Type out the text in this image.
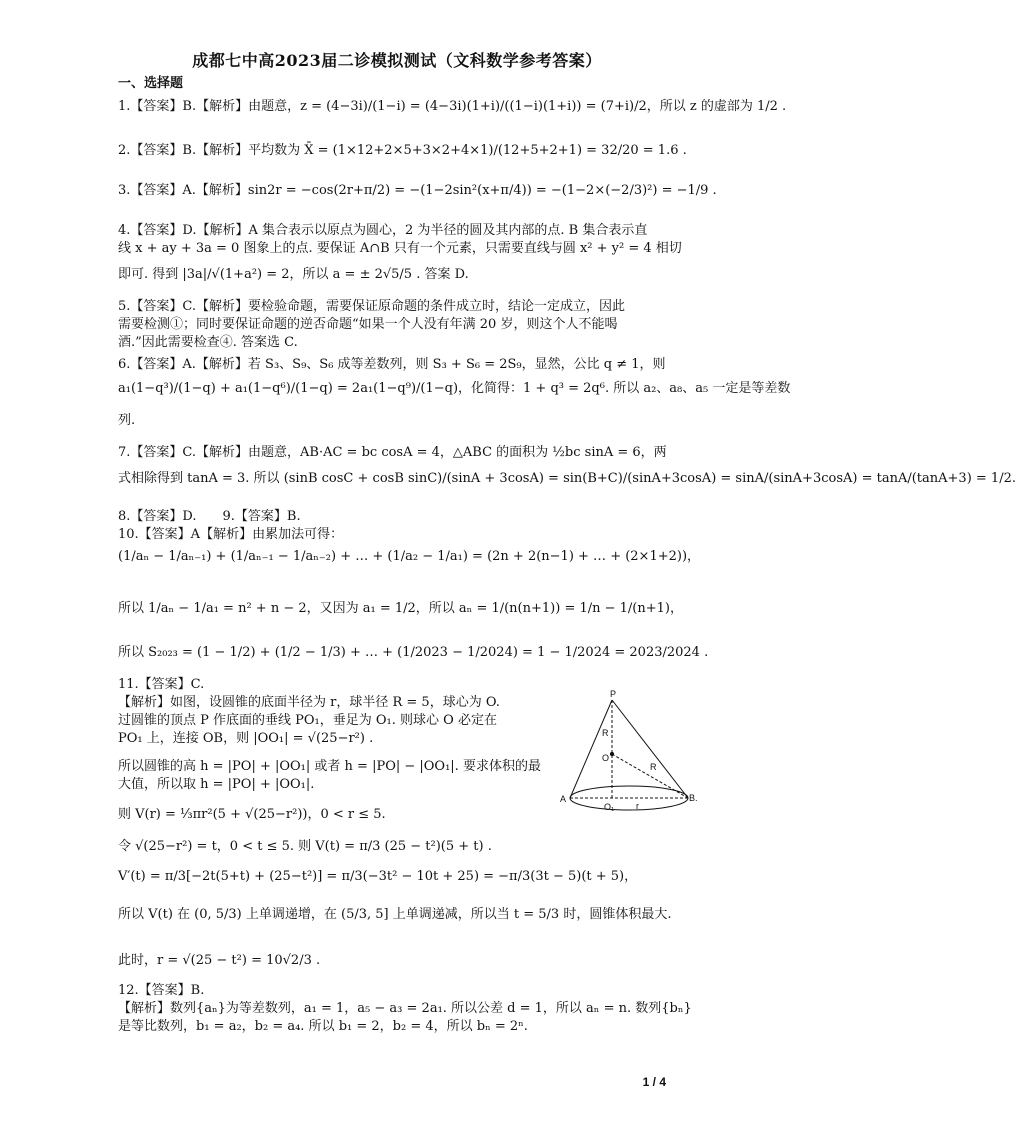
成都七中高2023届二诊模拟测试（文科数学参考答案）
一、选择题
1.【答案】B.【解析】由题意，z = (4−3i)/(1−i) = (4−3i)(1+i)/((1−i)(1+i)) = (7+i)/2，所以 z 的虚部为 1/2 .
2.【答案】B.【解析】平均数为 X̄ = (1×12+2×5+3×2+4×1)/(12+5+2+1) = 32/20 = 1.6 .
3.【答案】A.【解析】sin2r = −cos(2r+π/2) = −(1−2sin²(x+π/4)) = −(1−2×(−2/3)²) = −1/9 .
4.【答案】D.【解析】A 集合表示以原点为圆心，2 为半径的圆及其内部的点. B 集合表示直
线 x + ay + 3a = 0 图象上的点. 要保证 A∩B 只有一个元素，只需要直线与圆 x² + y² = 4 相切
即可. 得到 |3a|/√(1+a²) = 2，所以 a = ± 2√5/5 . 答案 D.
5.【答案】C.【解析】要检验命题，需要保证原命题的条件成立时，结论一定成立，因此
需要检测①；同时要保证命题的逆否命题“如果一个人没有年满 20 岁，则这个人不能喝
酒.”因此需要检查④. 答案选 C.
6.【答案】A.【解析】若 S₃、S₉、S₆ 成等差数列，则 S₃ + S₆ = 2S₉，显然，公比 q ≠ 1，则
a₁(1−q³)/(1−q) + a₁(1−q⁶)/(1−q) = 2a₁(1−q⁹)/(1−q)，化简得：1 + q³ = 2q⁶. 所以 a₂、a₈、a₅ 一定是等差数
列.
7.【答案】C.【解析】由题意，AB·AC = bc cosA = 4，△ABC 的面积为 ½bc sinA = 6，两
式相除得到 tanA = 3. 所以 (sinB cosC + cosB sinC)/(sinA + 3cosA) = sin(B+C)/(sinA+3cosA) = sinA/(sinA+3cosA) = tanA/(tanA+3) = 1/2.
8.【答案】D.　　9.【答案】B.
10.【答案】A【解析】由累加法可得：
(1/aₙ − 1/aₙ₋₁) + (1/aₙ₋₁ − 1/aₙ₋₂) + … + (1/a₂ − 1/a₁) = (2n + 2(n−1) + … + (2×1+2))，
所以 1/aₙ − 1/a₁ = n² + n − 2，又因为 a₁ = 1/2，所以 aₙ = 1/(n(n+1)) = 1/n − 1/(n+1)，
所以 S₂₀₂₃ = (1 − 1/2) + (1/2 − 1/3) + … + (1/2023 − 1/2024) = 1 − 1/2024 = 2023/2024 .
11.【答案】C.
【解析】如图，设圆锥的底面半径为 r，球半径 R = 5，球心为 O.
过圆锥的顶点 P 作底面的垂线 PO₁，垂足为 O₁. 则球心 O 必定在
PO₁ 上，连接 OB，则 |OO₁| = √(25−r²) .
所以圆锥的高 h = |PO| + |OO₁| 或者 h = |PO| − |OO₁|. 要求体积的最
大值，所以取 h = |PO| + |OO₁|.
则 V(r) = ⅓πr²(5 + √(25−r²))，0 < r ≤ 5.
令 √(25−r²) = t，0 < t ≤ 5. 则 V(t) = π/3 (25 − t²)(5 + t) .
V′(t) = π/3[−2t(5+t) + (25−t²)] = π/3(−3t² − 10t + 25) = −π/3(3t − 5)(t + 5)，
所以 V(t) 在 (0, 5/3) 上单调递增，在 (5/3, 5] 上单调递减，所以当 t = 5/3 时，圆锥体积最大.
此时，r = √(25 − t²) = 10√2/3 .
12.【答案】B.
【解析】数列{aₙ}为等差数列，a₁ = 1，a₅ − a₃ = 2a₁. 所以公差 d = 1，所以 aₙ = n. 数列{bₙ}
是等比数列，b₁ = a₂，b₂ = a₄. 所以 b₁ = 2，b₂ = 4，所以 bₙ = 2ⁿ.
P
R
O
R
A
O₁ r
B.
1 / 4
